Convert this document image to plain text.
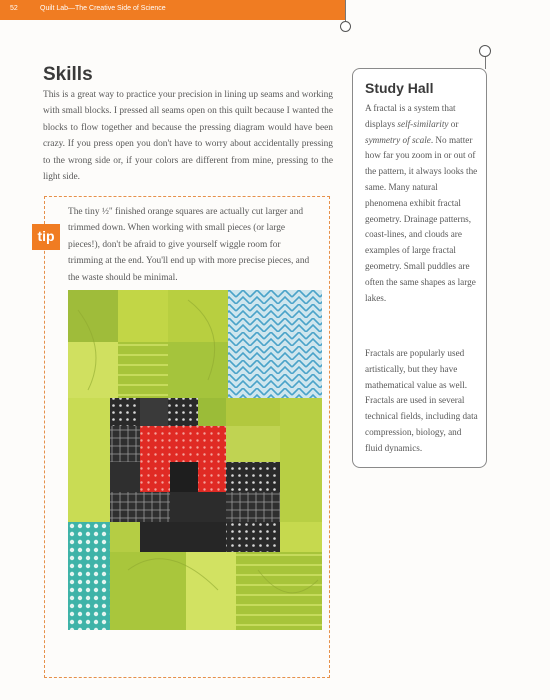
52	Quilt Lab—The Creative Side of Science
Skills

This is a great way to practice your precision in lining up seams and working with small blocks. I pressed all seams open on this quilt because I wanted the blocks to flow together and because the pressing diagram would have been crazy. If you press open you don't have to worry about accidentally pressing to the wrong side or, if your colors are different from mine, pressing to the light side.

tip

The tiny ½" finished orange squares are actually cut larger and trimmed down. When working with small pieces (or large pieces!), don't be afraid to give yourself wiggle room for trimming at the end. You'll end up with more precise pieces, and the waste should be minimal.

Study Hall

A fractal is a system that displays self-similarity or symmetry of scale. No matter how far you zoom in or out of the pattern, it always looks the same. Many natural phenomena exhibit fractal geometry. Drainage patterns, coast-lines, and clouds are examples of large fractal geometry. Small puddles are often the same shapes as large lakes.

Fractals are popularly used artistically, but they have mathematical value as well. Fractals are used in several technical fields, including data compression, biology, and fluid dynamics.
